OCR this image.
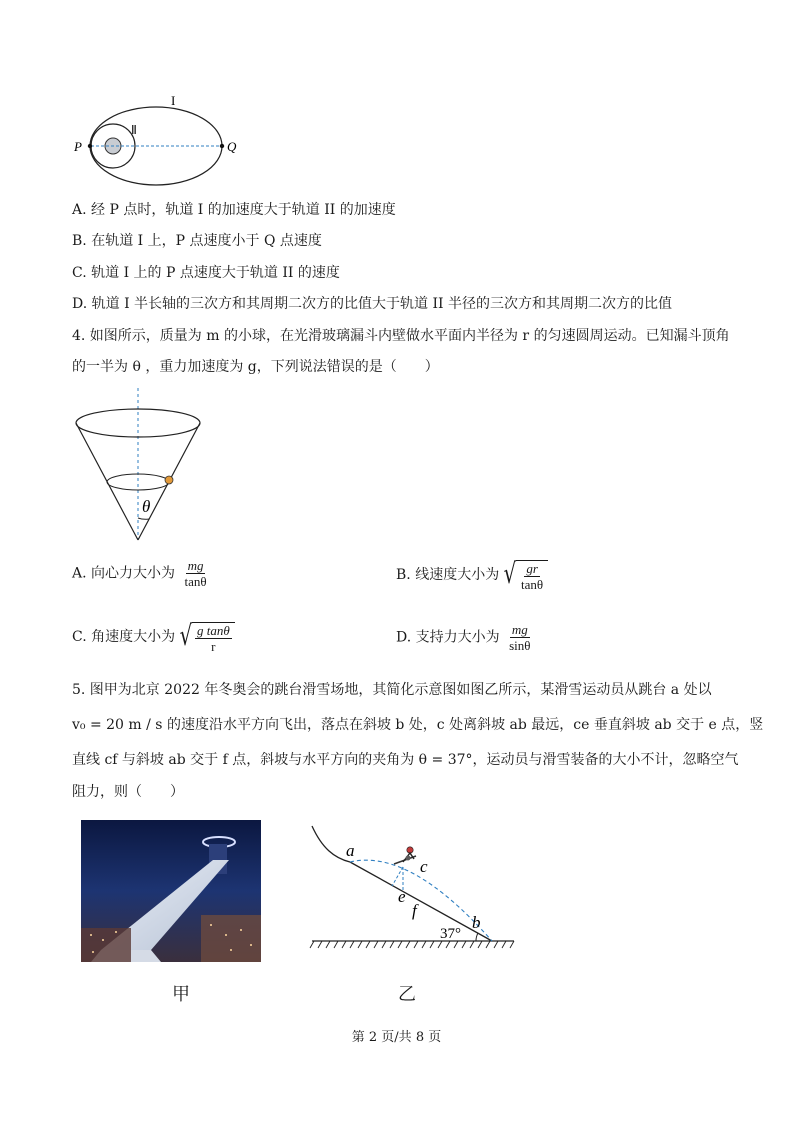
I
Ⅱ
P	Q
A. 经 P 点时，轨道 I 的加速度大于轨道 II 的加速度
B. 在轨道 I 上，P 点速度小于 Q 点速度
C. 轨道 I 上的 P 点速度大于轨道 II 的速度
D. 轨道 I 半长轴的三次方和其周期二次方的比值大于轨道 II 半径的三次方和其周期二次方的比值
4. 如图所示，质量为 m 的小球，在光滑玻璃漏斗内壁做水平面内半径为 r 的匀速圆周运动。已知漏斗顶角
的一半为 θ ，重力加速度为 g，下列说法错误的是（　　）
θ
A. 向心力大小为 $\frac{mg}{\tan\theta}$	B. 线速度大小为 √ $\frac{gr}{\tan\theta}$
C. 角速度大小为 √ $\frac{\text{g tanθ}}{r}$	D. 支持力大小为 $\frac{mg}{\sin\theta}$
5. 图甲为北京 2022 年冬奥会的跳台滑雪场地，其简化示意图如图乙所示，某滑雪运动员从跳台 a 处以
v₀ = 20 m / s 的速度沿水平方向飞出，落点在斜坡 b 处，c 处离斜坡 ab 最远，ce 垂直斜坡 ab 交于 e 点，竖
直线 cf 与斜坡 ab 交于 f 点，斜坡与水平方向的夹角为 θ = 37°，运动员与滑雪装备的大小不计，忽略空气
阻力，则（　　）
a
c
e
f
b
37°
甲	乙
第 2 页/共 8 页
